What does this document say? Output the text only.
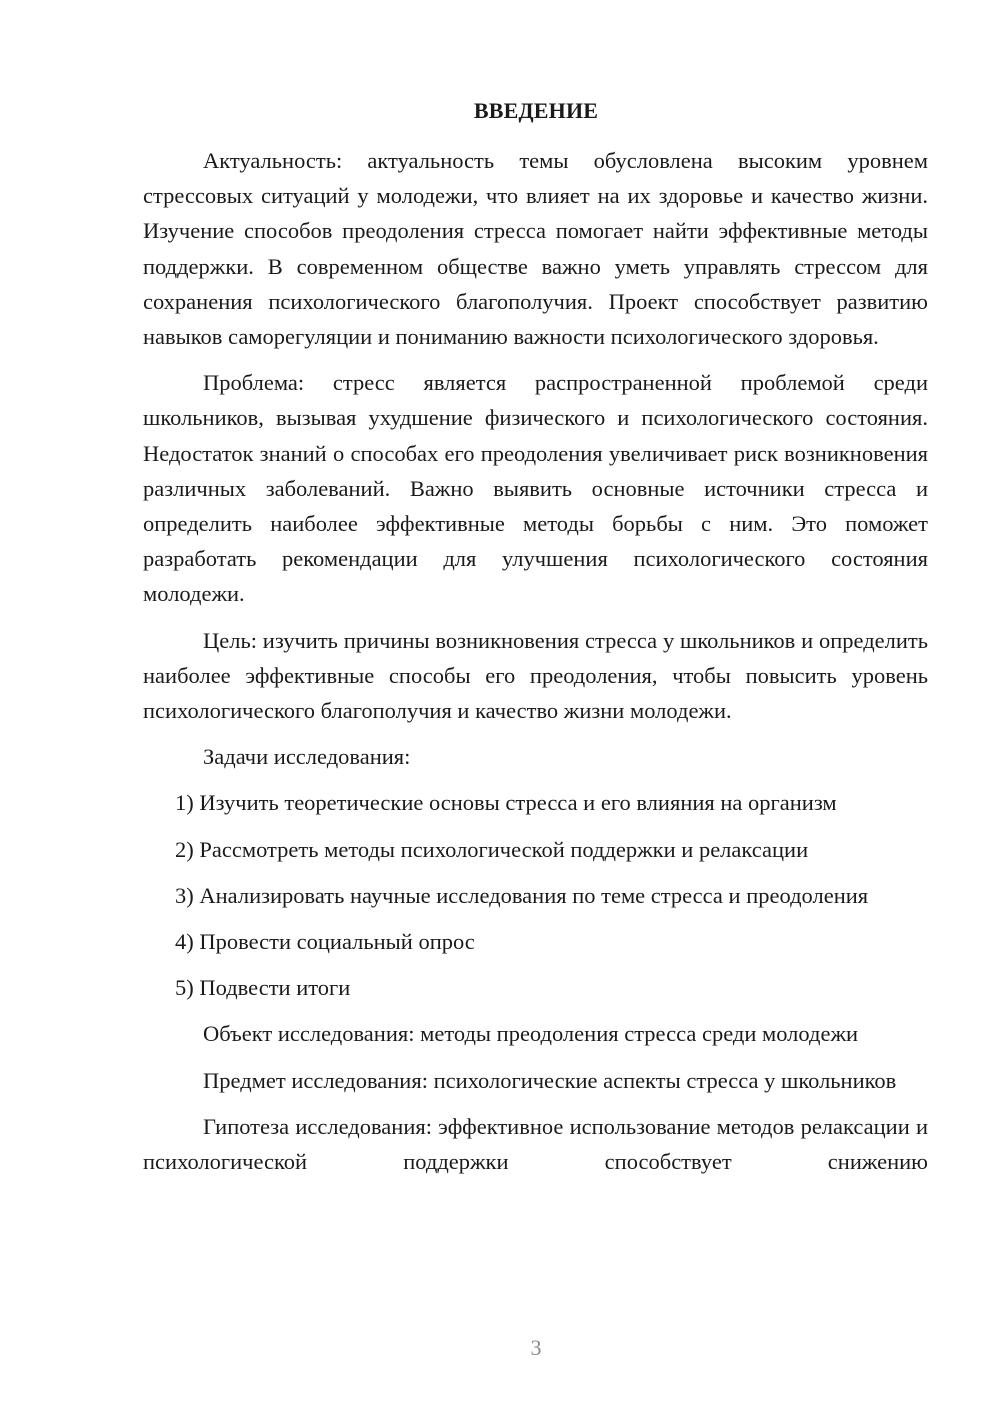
ВВЕДЕНИЕ

Актуальность: актуальность темы обусловлена высоким уровнем стрессовых ситуаций у молодежи, что влияет на их здоровье и качество жизни. Изучение способов преодоления стресса помогает найти эффективные методы поддержки. В современном обществе важно уметь управлять стрессом для сохранения психологического благополучия. Проект способствует развитию навыков саморегуляции и пониманию важности психологического здоровья.

Проблема: стресс является распространенной проблемой среди школьников, вызывая ухудшение физического и психологического состояния. Недостаток знаний о способах его преодоления увеличивает риск возникновения различных заболеваний. Важно выявить основные источники стресса и определить наиболее эффективные методы борьбы с ним. Это поможет разработать рекомендации для улучшения психологического состояния молодежи.

Цель: изучить причины возникновения стресса у школьников и определить наиболее эффективные способы его преодоления, чтобы повысить уровень психологического благополучия и качество жизни молодежи.

Задачи исследования:

1) Изучить теоретические основы стресса и его влияния на организм

2) Рассмотреть методы психологической поддержки и релаксации

3) Анализировать научные исследования по теме стресса и преодоления

4) Провести социальный опрос

5) Подвести итоги

Объект исследования: методы преодоления стресса среди молодежи

Предмет исследования: психологические аспекты стресса у школьников

Гипотеза исследования: эффективное использование методов релаксации и психологической поддержки способствует снижению

3
